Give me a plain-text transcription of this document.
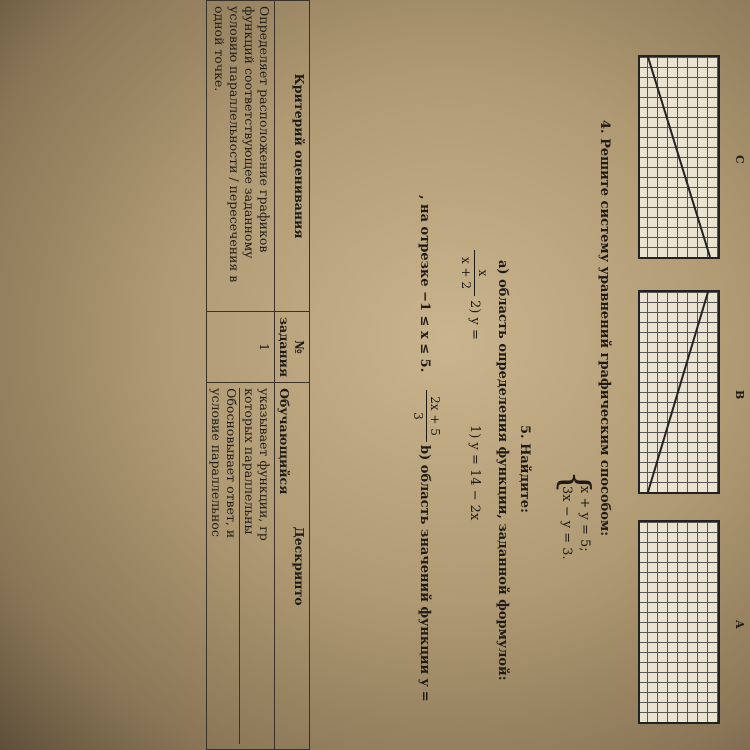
A
B
C
4. Решите систему уравнений графическим способом:
{
x + y = 5;
3x − y = 3.
5. Найдите:
а) область определения функции, заданной формулой:
1) y = 14 − 2x
2) y =
x
x + 2
b) область значений функции y =
2x + 5
3
, на отрезке −1 ≤ x ≤ 5.
Критерий оценивания	№ задания	Дескрипто
Обучающийся

Определяет расположение графиков функций соответствующее заданному условию параллельности / пересечения в одной точке.	1	указывает функции, гр
которых параллельны
Обосновывает ответ, и
условие параллельнос
